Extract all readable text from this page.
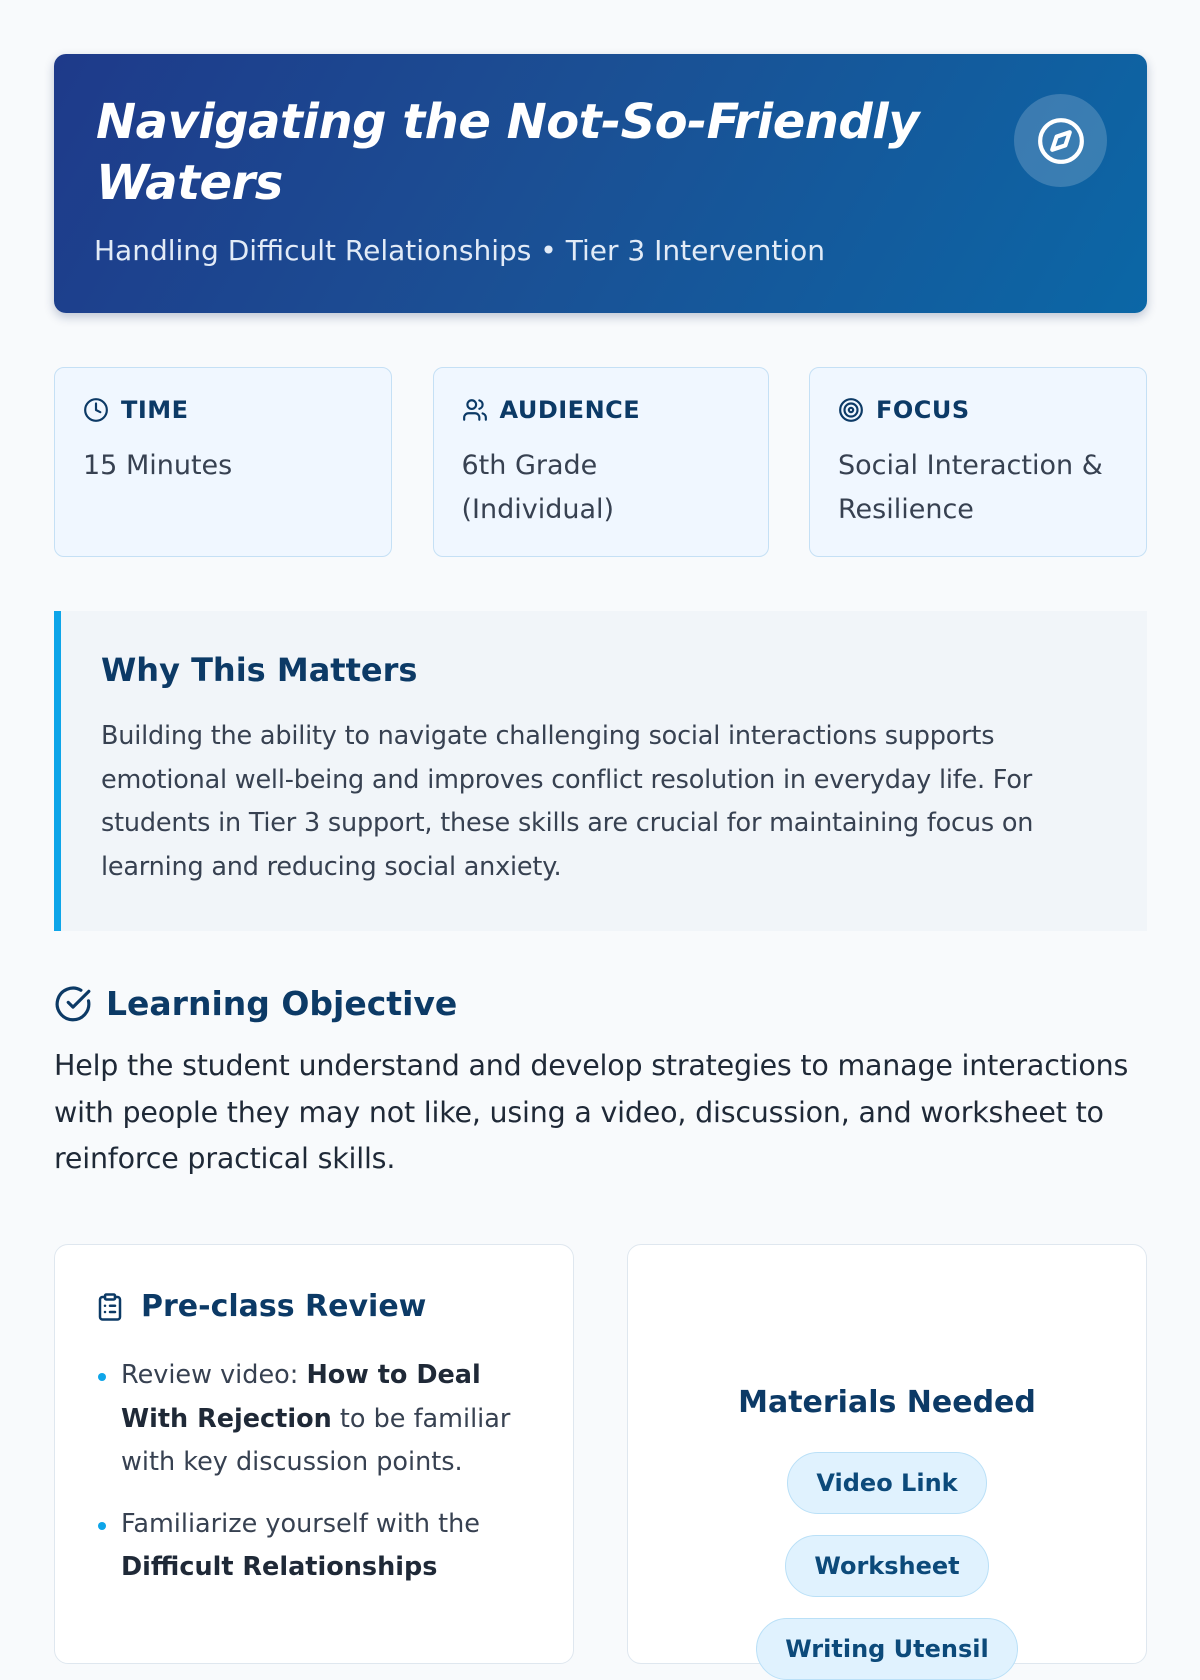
Navigating the Not-So-Friendly Waters
Handling Difficult Relationships • Tier 3 Intervention
TIME
15 Minutes
AUDIENCE
6th Grade (Individual)
FOCUS
Social Interaction & Resilience
Why This Matters

Building the ability to navigate challenging social interactions supports emotional well-being and improves conflict resolution in everyday life. For students in Tier 3 support, these skills are crucial for maintaining focus on learning and reducing social anxiety.

Learning Objective

Help the student understand and develop strategies to manage interactions with people they may not like, using a video, discussion, and worksheet to reinforce practical skills.

Pre-class Review
Review video: How to Deal With Rejection to be familiar with key discussion points.
Familiarize yourself with the Difficult Relationships
Materials Needed
Video Link
Worksheet
Writing Utensil
